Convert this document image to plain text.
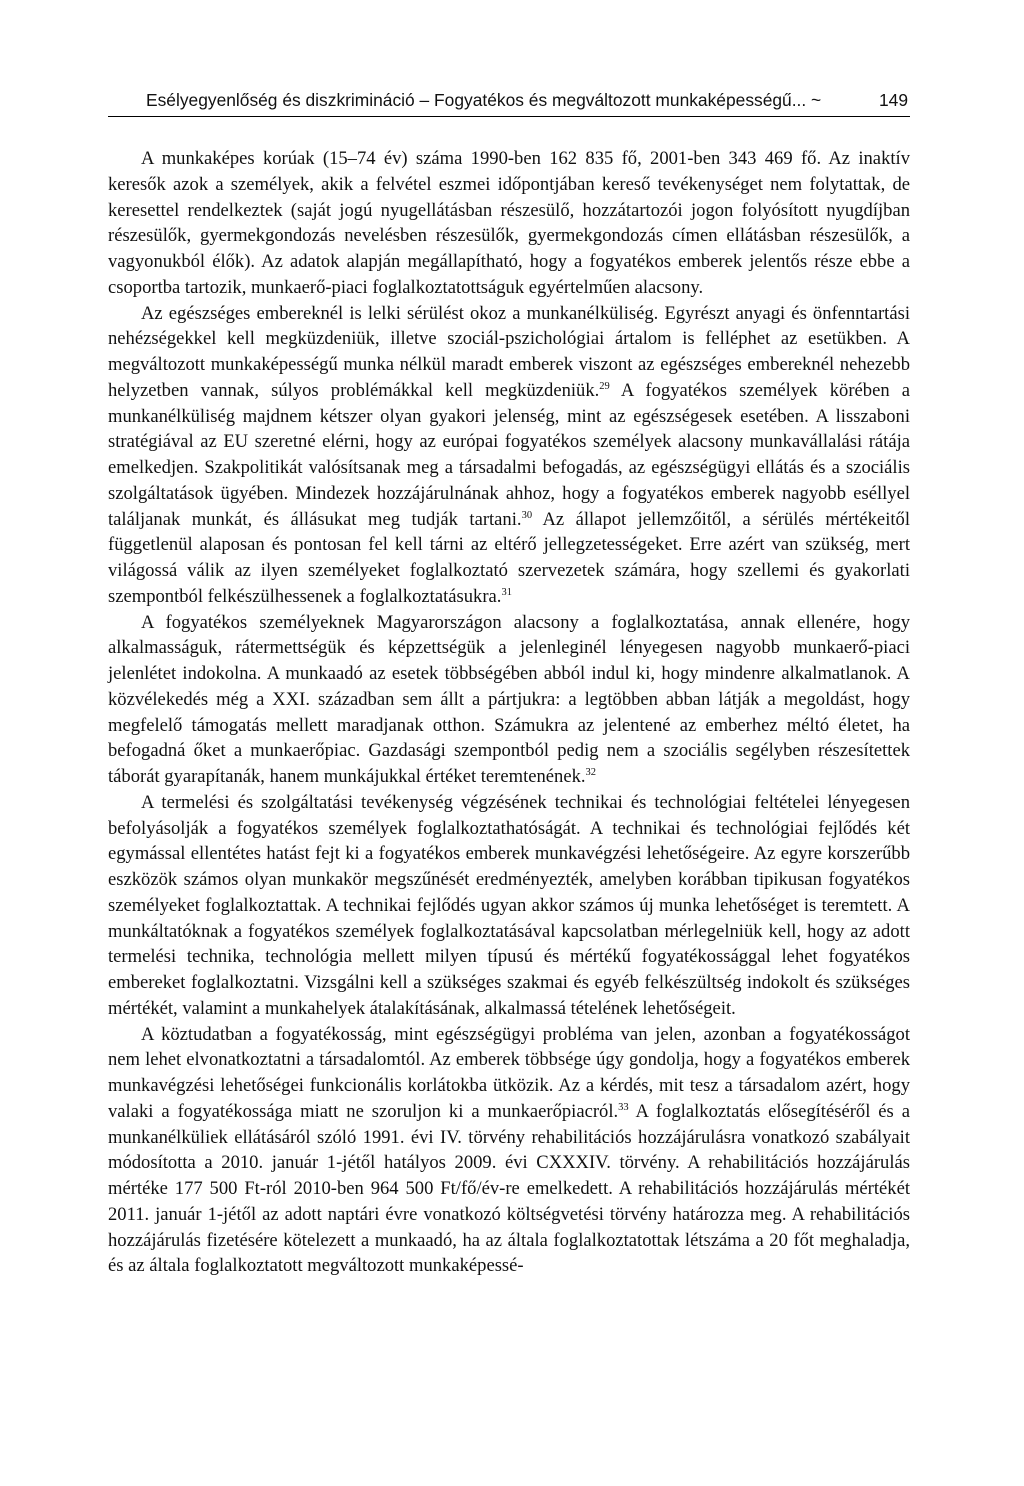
Esélyegyenlőség és diszkrimináció – Fogyatékos és megváltozott munkaképességű... ~	149

A munkaképes korúak (15–74 év) száma 1990-ben 162 835 fő, 2001-ben 343 469 fő. Az inaktív keresők azok a személyek, akik a felvétel eszmei időpontjában kereső tevékenységet nem folytattak, de keresettel rendelkeztek (saját jogú nyugellátásban részesülő, hozzátartozói jogon folyósított nyugdíjban részesülők, gyermekgondozás nevelésben részesülők, gyermekgondozás címen ellátásban részesülők, a vagyonukból élők). Az adatok alapján megállapítható, hogy a fogyatékos emberek jelentős része ebbe a csoportba tartozik, munkaerő-piaci foglalkoztatottságuk egyértelműen alacsony.

Az egészséges embereknél is lelki sérülést okoz a munkanélküliség. Egyrészt anyagi és önfenntartási nehézségekkel kell megküzdeniük, illetve szociál-pszichológiai ártalom is felléphet az esetükben. A megváltozott munkaképességű munka nélkül maradt emberek viszont az egészséges embereknél nehezebb helyzetben vannak, súlyos problémákkal kell megküzdeniük.$^{29}$ A fogyatékos személyek körében a munkanélküliség majdnem kétszer olyan gyakori jelenség, mint az egészségesek esetében. A lisszaboni stratégiával az EU szeretné elérni, hogy az európai fogyatékos személyek alacsony munkavállalási rátája emelkedjen. Szakpolitikát valósítsanak meg a társadalmi befogadás, az egészségügyi ellátás és a szociális szolgáltatások ügyében. Mindezek hozzájárulnának ahhoz, hogy a fogyatékos emberek nagyobb eséllyel találjanak munkát, és állásukat meg tudják tartani.$^{30}$ Az állapot jellemzőitől, a sérülés mértékeitől függetlenül alaposan és pontosan fel kell tárni az eltérő jellegzetességeket. Erre azért van szükség, mert világossá válik az ilyen személyeket foglalkoztató szervezetek számára, hogy szellemi és gyakorlati szempontból felkészülhessenek a foglalkoztatásukra.$^{31}$

A fogyatékos személyeknek Magyarországon alacsony a foglalkoztatása, annak ellenére, hogy alkalmasságuk, rátermettségük és képzettségük a jelenleginél lényegesen nagyobb munkaerő-piaci jelenlétet indokolna. A munkaadó az esetek többségében abból indul ki, hogy mindenre alkalmatlanok. A közvélekedés még a XXI. században sem állt a pártjukra: a legtöbben abban látják a megoldást, hogy megfelelő támogatás mellett maradjanak otthon. Számukra az jelentené az emberhez méltó életet, ha befogadná őket a munkaerőpiac. Gazdasági szempontból pedig nem a szociális segélyben részesítettek táborát gyarapítanák, hanem munkájukkal értéket teremtenének.$^{32}$

A termelési és szolgáltatási tevékenység végzésének technikai és technológiai feltételei lényegesen befolyásolják a fogyatékos személyek foglalkoztathatóságát. A technikai és technológiai fejlődés két egymással ellentétes hatást fejt ki a fogyatékos emberek munkavégzési lehetőségeire. Az egyre korszerűbb eszközök számos olyan munkakör megszűnését eredményezték, amelyben korábban tipikusan fogyatékos személyeket foglalkoztattak. A technikai fejlődés ugyan akkor számos új munka lehetőséget is teremtett. A munkáltatóknak a fogyatékos személyek foglalkoztatásával kapcsolatban mérlegelniük kell, hogy az adott termelési technika, technológia mellett milyen típusú és mértékű fogyatékossággal lehet fogyatékos embereket foglalkoztatni. Vizsgálni kell a szükséges szakmai és egyéb felkészültség indokolt és szükséges mértékét, valamint a munkahelyek átalakításának, alkalmassá tételének lehetőségeit.

A köztudatban a fogyatékosság, mint egészségügyi probléma van jelen, azonban a fogyatékosságot nem lehet elvonatkoztatni a társadalomtól. Az emberek többsége úgy gondolja, hogy a fogyatékos emberek munkavégzési lehetőségei funkcionális korlátokba ütközik. Az a kérdés, mit tesz a társadalom azért, hogy valaki a fogyatékossága miatt ne szoruljon ki a munkaerőpiacról.$^{33}$ A foglalkoztatás elősegítéséről és a munkanélküliek ellátásáról szóló 1991. évi IV. törvény rehabilitációs hozzájárulásra vonatkozó szabályait módosította a 2010. január 1-jétől hatályos 2009. évi CXXXIV. törvény. A rehabilitációs hozzájárulás mértéke 177 500 Ft-ról 2010-ben 964 500 Ft/fő/év-re emelkedett. A rehabilitációs hozzájárulás mértékét 2011. január 1-jétől az adott naptári évre vonatkozó költségvetési törvény határozza meg. A rehabilitációs hozzájárulás fizetésére kötelezett a munkaadó, ha az általa foglalkoztatottak létszáma a 20 főt meghaladja, és az általa foglalkoztatott megváltozott munkaképessé-
